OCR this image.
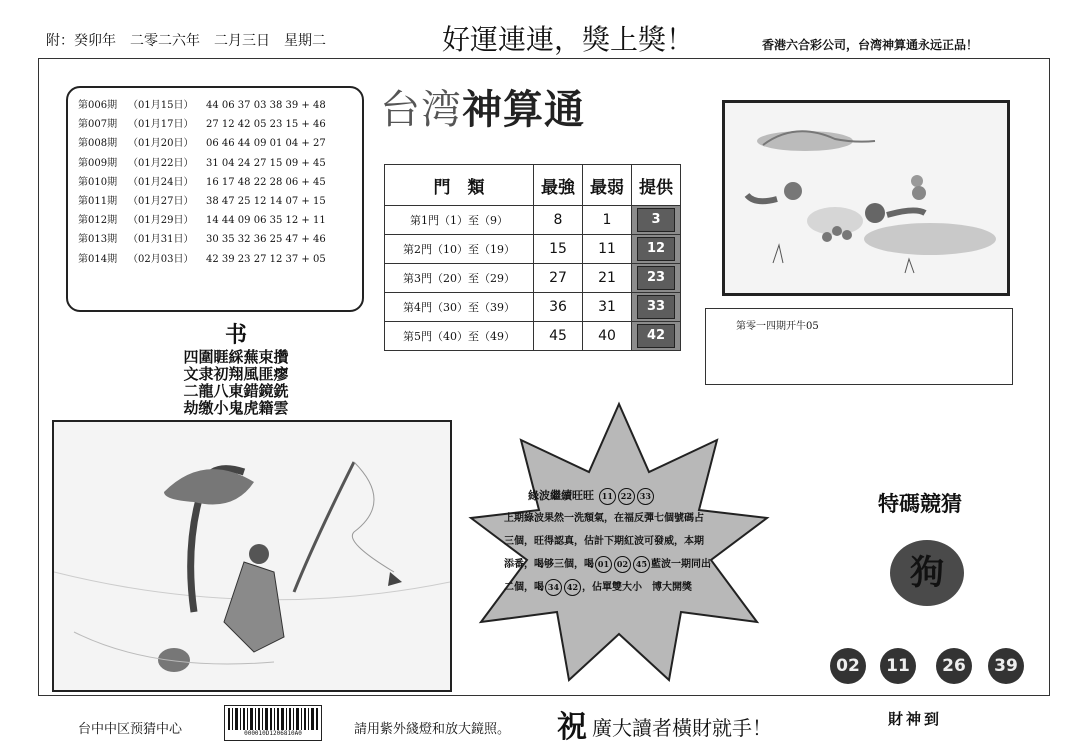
附：癸卯年　二零二六年　二月三日　星期二	好運連連，獎上獎！	香港六合彩公司，台湾神算通永远正品！
第006期	（01月15日）	44 06 37 03 38 39 + 48
第007期	（01月17日）	27 12 42 05 23 15 + 46
第008期	（01月20日）	06 46 44 09 01 04 + 27
第009期	（01月22日）	31 04 24 27 15 09 + 45
第010期	（01月24日）	16 17 48 22 28 06 + 45
第011期	（01月27日）	38 47 25 12 14 07 + 15
第012期	（01月29日）	14 44 09 06 35 12 + 11
第013期	（01月31日）	30 35 32 36 25 47 + 46
第014期	（02月03日）	42 39 23 27 12 37 + 05
台湾神算通
門　類	最強	最弱	提供
第1門（1）至（9）	8	1	3
第2門（10）至（19）	15	11	12
第3門（20）至（29）	27	21	23
第4門（30）至（39）	36	31	33
第5門（40）至（49）	45	40	42
第零一四期开牛05
书
四圍睚綵蕪束攢
文隶初翔風匪瘳
二龍八東錯鏡銑
劫缴小鬼虎籍雲
綠波繼續旺旺 11 22 33
上期綠波果然一洗頹氣，在福反彈七個號碼占
三個，旺得認真，估計下期紅波可發威，本期
添番，喝够三個，喝 01 02 45 藍波一期同出
二個，喝 34 42 ，佔單雙大小　博大開獎
特碼競猜
狗
02	11	26	39
台中中区预猜中心	000010D1206810A0	請用紫外綫燈和放大鏡照。 祝 廣大讀者橫財就手！	財神到
